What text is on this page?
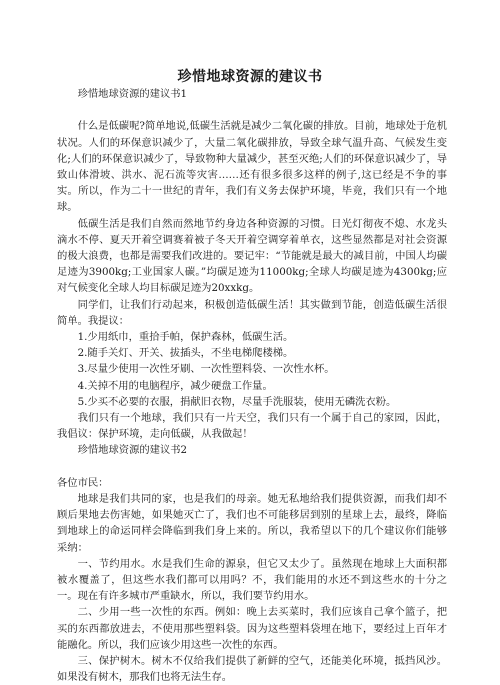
珍惜地球资源的建议书

珍惜地球资源的建议书1

什么是低碳呢?简单地说,低碳生活就是减少二氧化碳的排放。目前，地球处于危机状况。人们的环保意识减少了，大量二氧化碳排放，导致全球气温升高、气候发生变化;人们的环保意识减少了，导致物种大量减少，甚至灭绝;人们的环保意识减少了，导致山体滑坡、洪水、泥石流等灾害……还有很多很多这样的例子,这已经是不争的事实。所以，作为二十一世纪的青年，我们有义务去保护环境，毕竟，我们只有一个地球。

低碳生活是我们自然而然地节约身边各种资源的习惯。日光灯彻夜不熄、水龙头滴水不停、夏天开着空调赛着被子冬天开着空调穿着单衣，这些显然都是对社会资源的极大浪费，也都是需要我们改进的。要记牢：“节能就是最大的减目前，中国人均碳足迹为3900kg;工业国家人碳。”均碳足迹为11000kg;全球人均碳足迹为4300kg;应对气候变化全球人均目标碳足迹为20xxkg。

同学们，让我们行动起来，积极创造低碳生活！其实做到节能，创造低碳生活很简单。我提议：

1.少用纸巾，重拾手帕，保护森林，低碳生活。

2.随手关灯、开关、拔插头，不坐电梯爬楼梯。

3.尽量少使用一次性牙刷、一次性塑料袋、一次性水杯。

4.关掉不用的电脑程序，减少硬盘工作量。

5.少买不必要的衣服，捐献旧衣物，尽量手洗服装，使用无磷洗衣粉。

我们只有一个地球，我们只有一片天空，我们只有一个属于自己的家园，因此，我倡议：保护环境，走向低碳，从我做起！

珍惜地球资源的建议书2

各位市民：

地球是我们共同的家，也是我们的母亲。她无私地给我们提供资源，而我们却不顾后果地去伤害她，如果她灭亡了，我们也不可能移居到别的星球上去，最终，降临到地球上的命运同样会降临到我们身上来的。所以，我希望以下的几个建议你们能够采纳：

一、节约用水。水是我们生命的源泉，但它又太少了。虽然现在地球上大面积都被水覆盖了，但这些水我们都可以用吗？不，我们能用的水还不到这些水的十分之一。现在有许多城市严重缺水，所以，我们要节约用水。

二、少用一些一次性的东西。例如：晚上去买菜时，我们应该自己拿个篮子，把买的东西都放进去，不使用那些塑料袋。因为这些塑料袋埋在地下，要经过上百年才能融化。所以，我们应该少用这些一次性的东西。

三、保护树木。树木不仅给我们提供了新鲜的空气，还能美化环境，抵挡风沙。如果没有树木，那我们也将无法生存。
